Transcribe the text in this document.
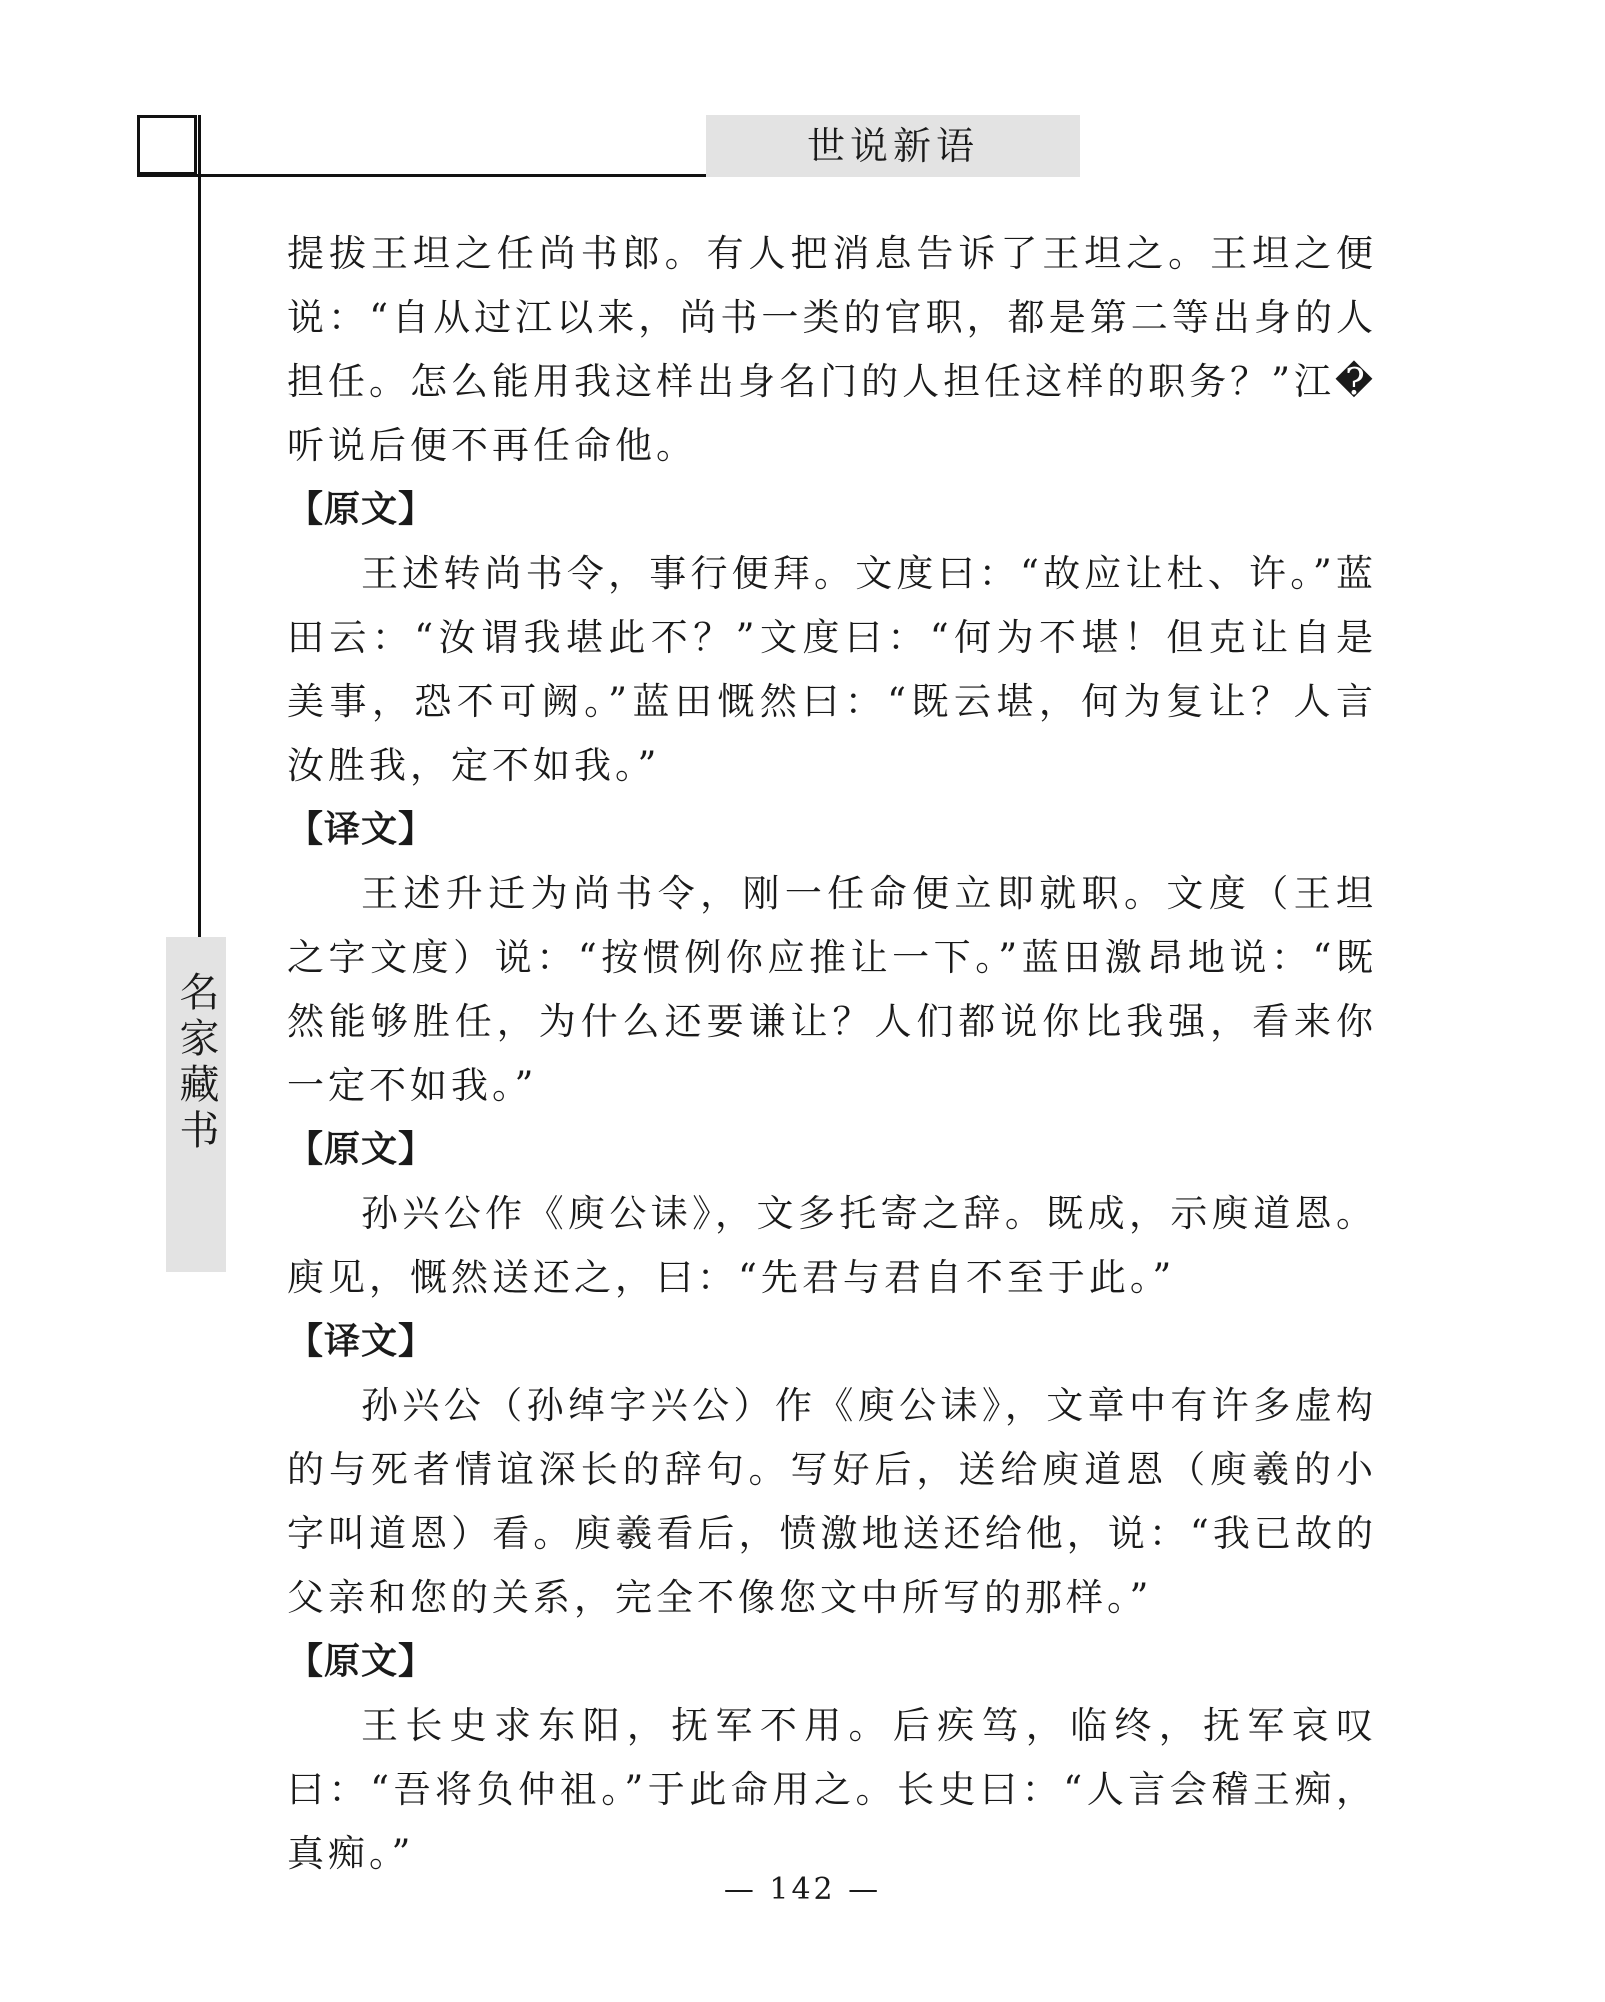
世说新语
名家藏书

提拔王坦之任尚书郎。有人把消息告诉了王坦之。王坦之便说：“自从过江以来，尚书一类的官职，都是第二等出身的人担任。怎么能用我这样出身名门的人担任这样的职务？”江�听说后便不再任命他。

【原文】

王述转尚书令，事行便拜。文度曰：“故应让杜、许。”蓝田云：“汝谓我堪此不？”文度曰：“何为不堪！但克让自是美事，恐不可阙。”蓝田慨然曰：“既云堪，何为复让？人言汝胜我，定不如我。”

【译文】

王述升迁为尚书令，刚一任命便立即就职。文度（王坦之字文度）说：“按惯例你应推让一下。”蓝田激昂地说：“既然能够胜任，为什么还要谦让？人们都说你比我强，看来你一定不如我。”

【原文】

孙兴公作《庾公诔》，文多托寄之辞。既成，示庾道恩。庾见，慨然送还之，曰：“先君与君自不至于此。”

【译文】

孙兴公（孙绰字兴公）作《庾公诔》，文章中有许多虚构的与死者情谊深长的辞句。写好后，送给庾道恩（庾羲的小字叫道恩）看。庾羲看后，愤激地送还给他，说：“我已故的父亲和您的关系，完全不像您文中所写的那样。”

【原文】

王长史求东阳，抚军不用。后疾笃，临终，抚军哀叹曰：“吾将负仲祖。”于此命用之。长史曰：“人言会稽王痴，真痴。”

— 142 —
